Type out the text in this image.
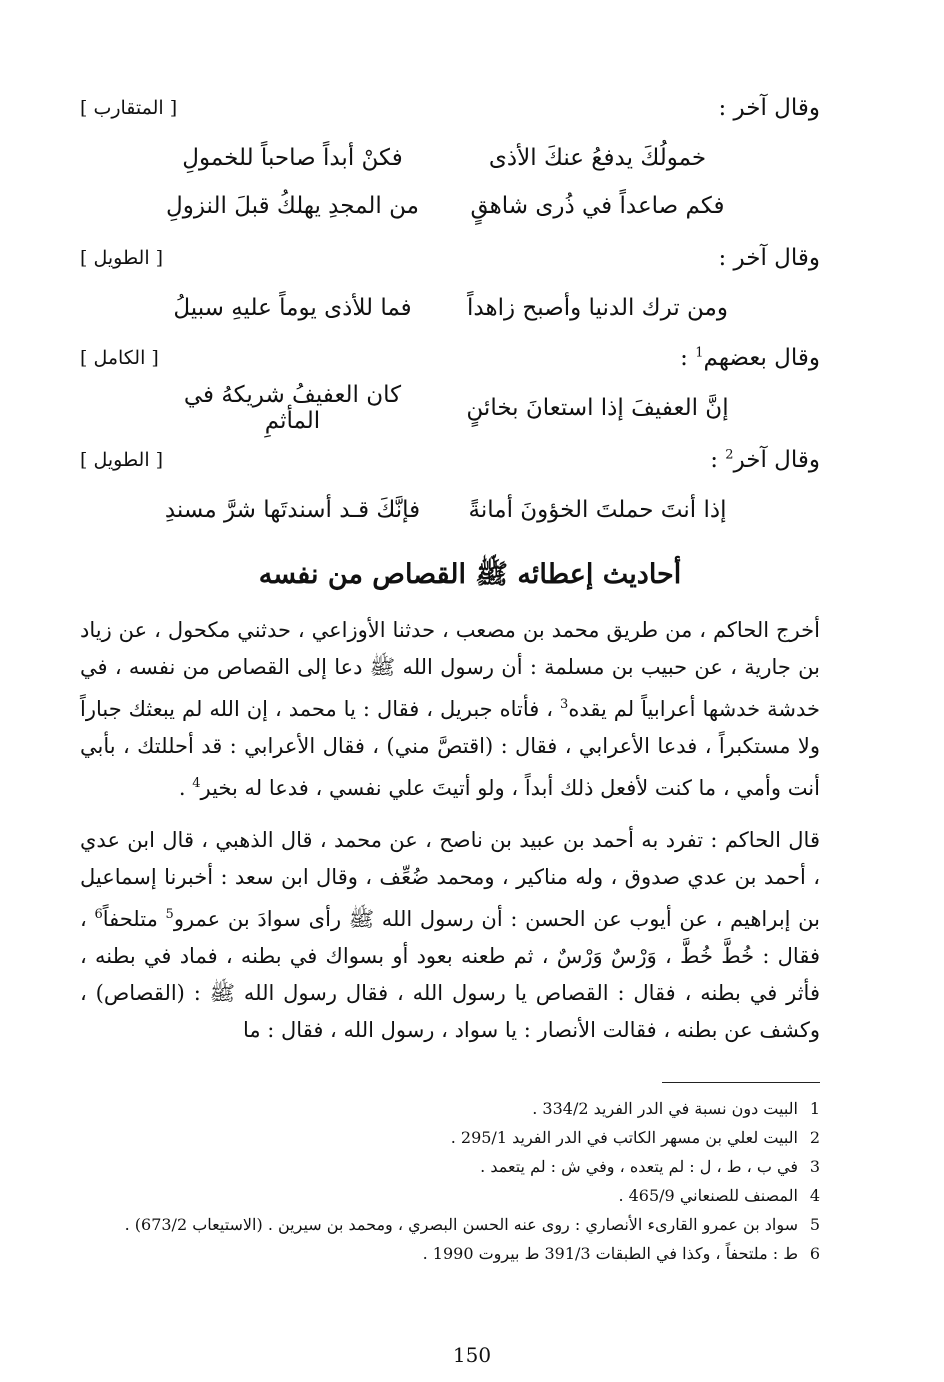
وقال آخر :
[ المتقارب ]
خمولُكَ يدفعُ عنكَ الأذى
فكنْ أبداً صاحباً للخمولِ
فكم صاعداً في ذُرى شاهقٍ
من المجدِ يهلكُ قبلَ النزولِ
وقال آخر :
[ الطويل ]
ومن ترك الدنيا وأصبح زاهداً
فما للأذى يوماً عليهِ سبيلُ
وقال بعضهم$^1$ :
[ الكامل ]
إنَّ العفيفَ إذا استعانَ بخائنٍ
كان العفيفُ شريكهُ في المأثمِ
وقال آخر$^2$ :
[ الطويل ]
إذا أنتَ حملتَ الخؤونَ أمانةً
فإنَّكَ قـد أسندتَها شرَّ مسندِ
أحاديث إعطائه ﷺ القصاص من نفسه

أخرج الحاكم ، من طريق محمد بن مصعب ، حدثنا الأوزاعي ، حدثني مكحول ، عن زياد بن جارية ، عن حبيب بن مسلمة : أن رسول الله ﷺ دعا إلى القصاص من نفسه ، في خدشة خدشها أعرابياً لم يقده$^3$ ، فأتاه جبريل ، فقال : يا محمد ، إن الله لم يبعثك جباراً ولا مستكبراً ، فدعا الأعرابي ، فقال : (اقتصَّ مني) ، فقال الأعرابي : قد أحللتك ، بأبي أنت وأمي ، ما كنت لأفعل ذلك أبداً ، ولو أتيتَ علي نفسي ، فدعا له بخير$^4$ .

قال الحاكم : تفرد به أحمد بن عبيد بن ناصح ، عن محمد ، قال الذهبي ، قال ابن عدي ، أحمد بن عدي صدوق ، وله مناكير ، ومحمد ضُعِّف ، وقال ابن سعد : أخبرنا إسماعيل بن إبراهيم ، عن أيوب عن الحسن : أن رسول الله ﷺ رأى سوادَ بن عمرو$^5$ متلحفاً$^6$ ، فقال : خُطَّ خُطَّ ، وَرْسٌ وَرْسٌ ، ثم طعنه بعود أو بسواك في بطنه ، فماد في بطنه ، فأثر في بطنه ، فقال : القصاص يا رسول الله ، فقال رسول الله ﷺ : (القصاص) ، وكشف عن بطنه ، فقالت الأنصار : يا سواد ، رسول الله ، فقال : ما

1
البيت دون نسبة في الدر الفريد 334/2 .
2
البيت لعلي بن مسهر الكاتب في الدر الفريد 295/1 .
3
في ب ، ط ، ل : لم يتعده ، وفي ش : لم يتعمد .
4
المصنف للصنعاني 465/9 .
5
سواد بن عمرو القارىء الأنصاري : روى عنه الحسن البصري ، ومحمد بن سيرين . (الاستيعاب 673/2) .
6
ط : ملتحفاً ، وكذا في الطبقات 391/3 ط بيروت 1990 .
150
